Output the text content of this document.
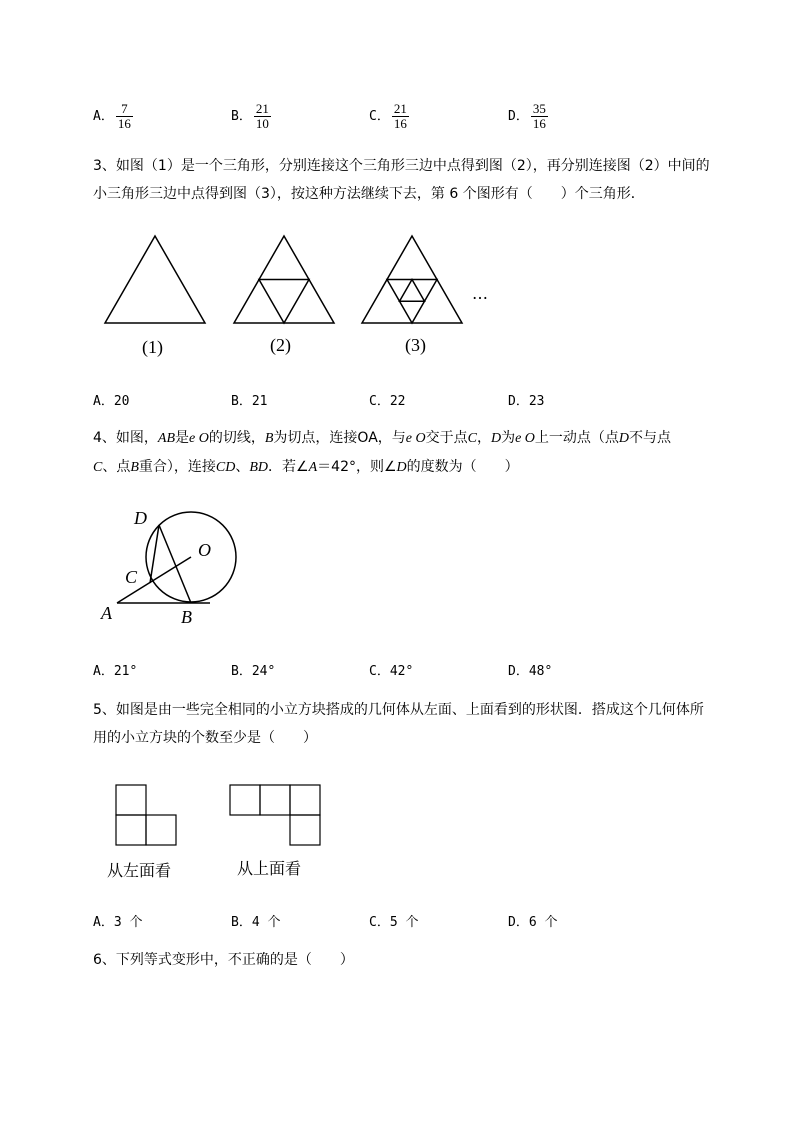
A． $\frac{7}{16}$	B． $\frac{21}{10}$	C． $\frac{21}{16}$	D． $\frac{35}{16}$
3、如图（1）是一个三角形，分别连接这个三角形三边中点得到图（2），再分别连接图（2）中间的
小三角形三边中点得到图（3），按这种方法继续下去，第 6 个图形有（　　）个三角形．
(1)	(2)	(3)
…
A．20	B．21	C．22	D．23
4、如图，AB是e O的切线，B为切点，连接OA，与e O交于点C，D为e O上一动点（点D不与点
C、点B重合），连接CD、BD．若∠A＝42°，则∠D的度数为（　　）
D
O
C
A	B
A．21°	B．24°	C．42°	D．48°
5、如图是由一些完全相同的小立方块搭成的几何体从左面、上面看到的形状图．搭成这个几何体所
用的小立方块的个数至少是（　　）
从左面看	从上面看
A．3 个	B．4 个	C．5 个	D．6 个
6、下列等式变形中，不正确的是（　　）
